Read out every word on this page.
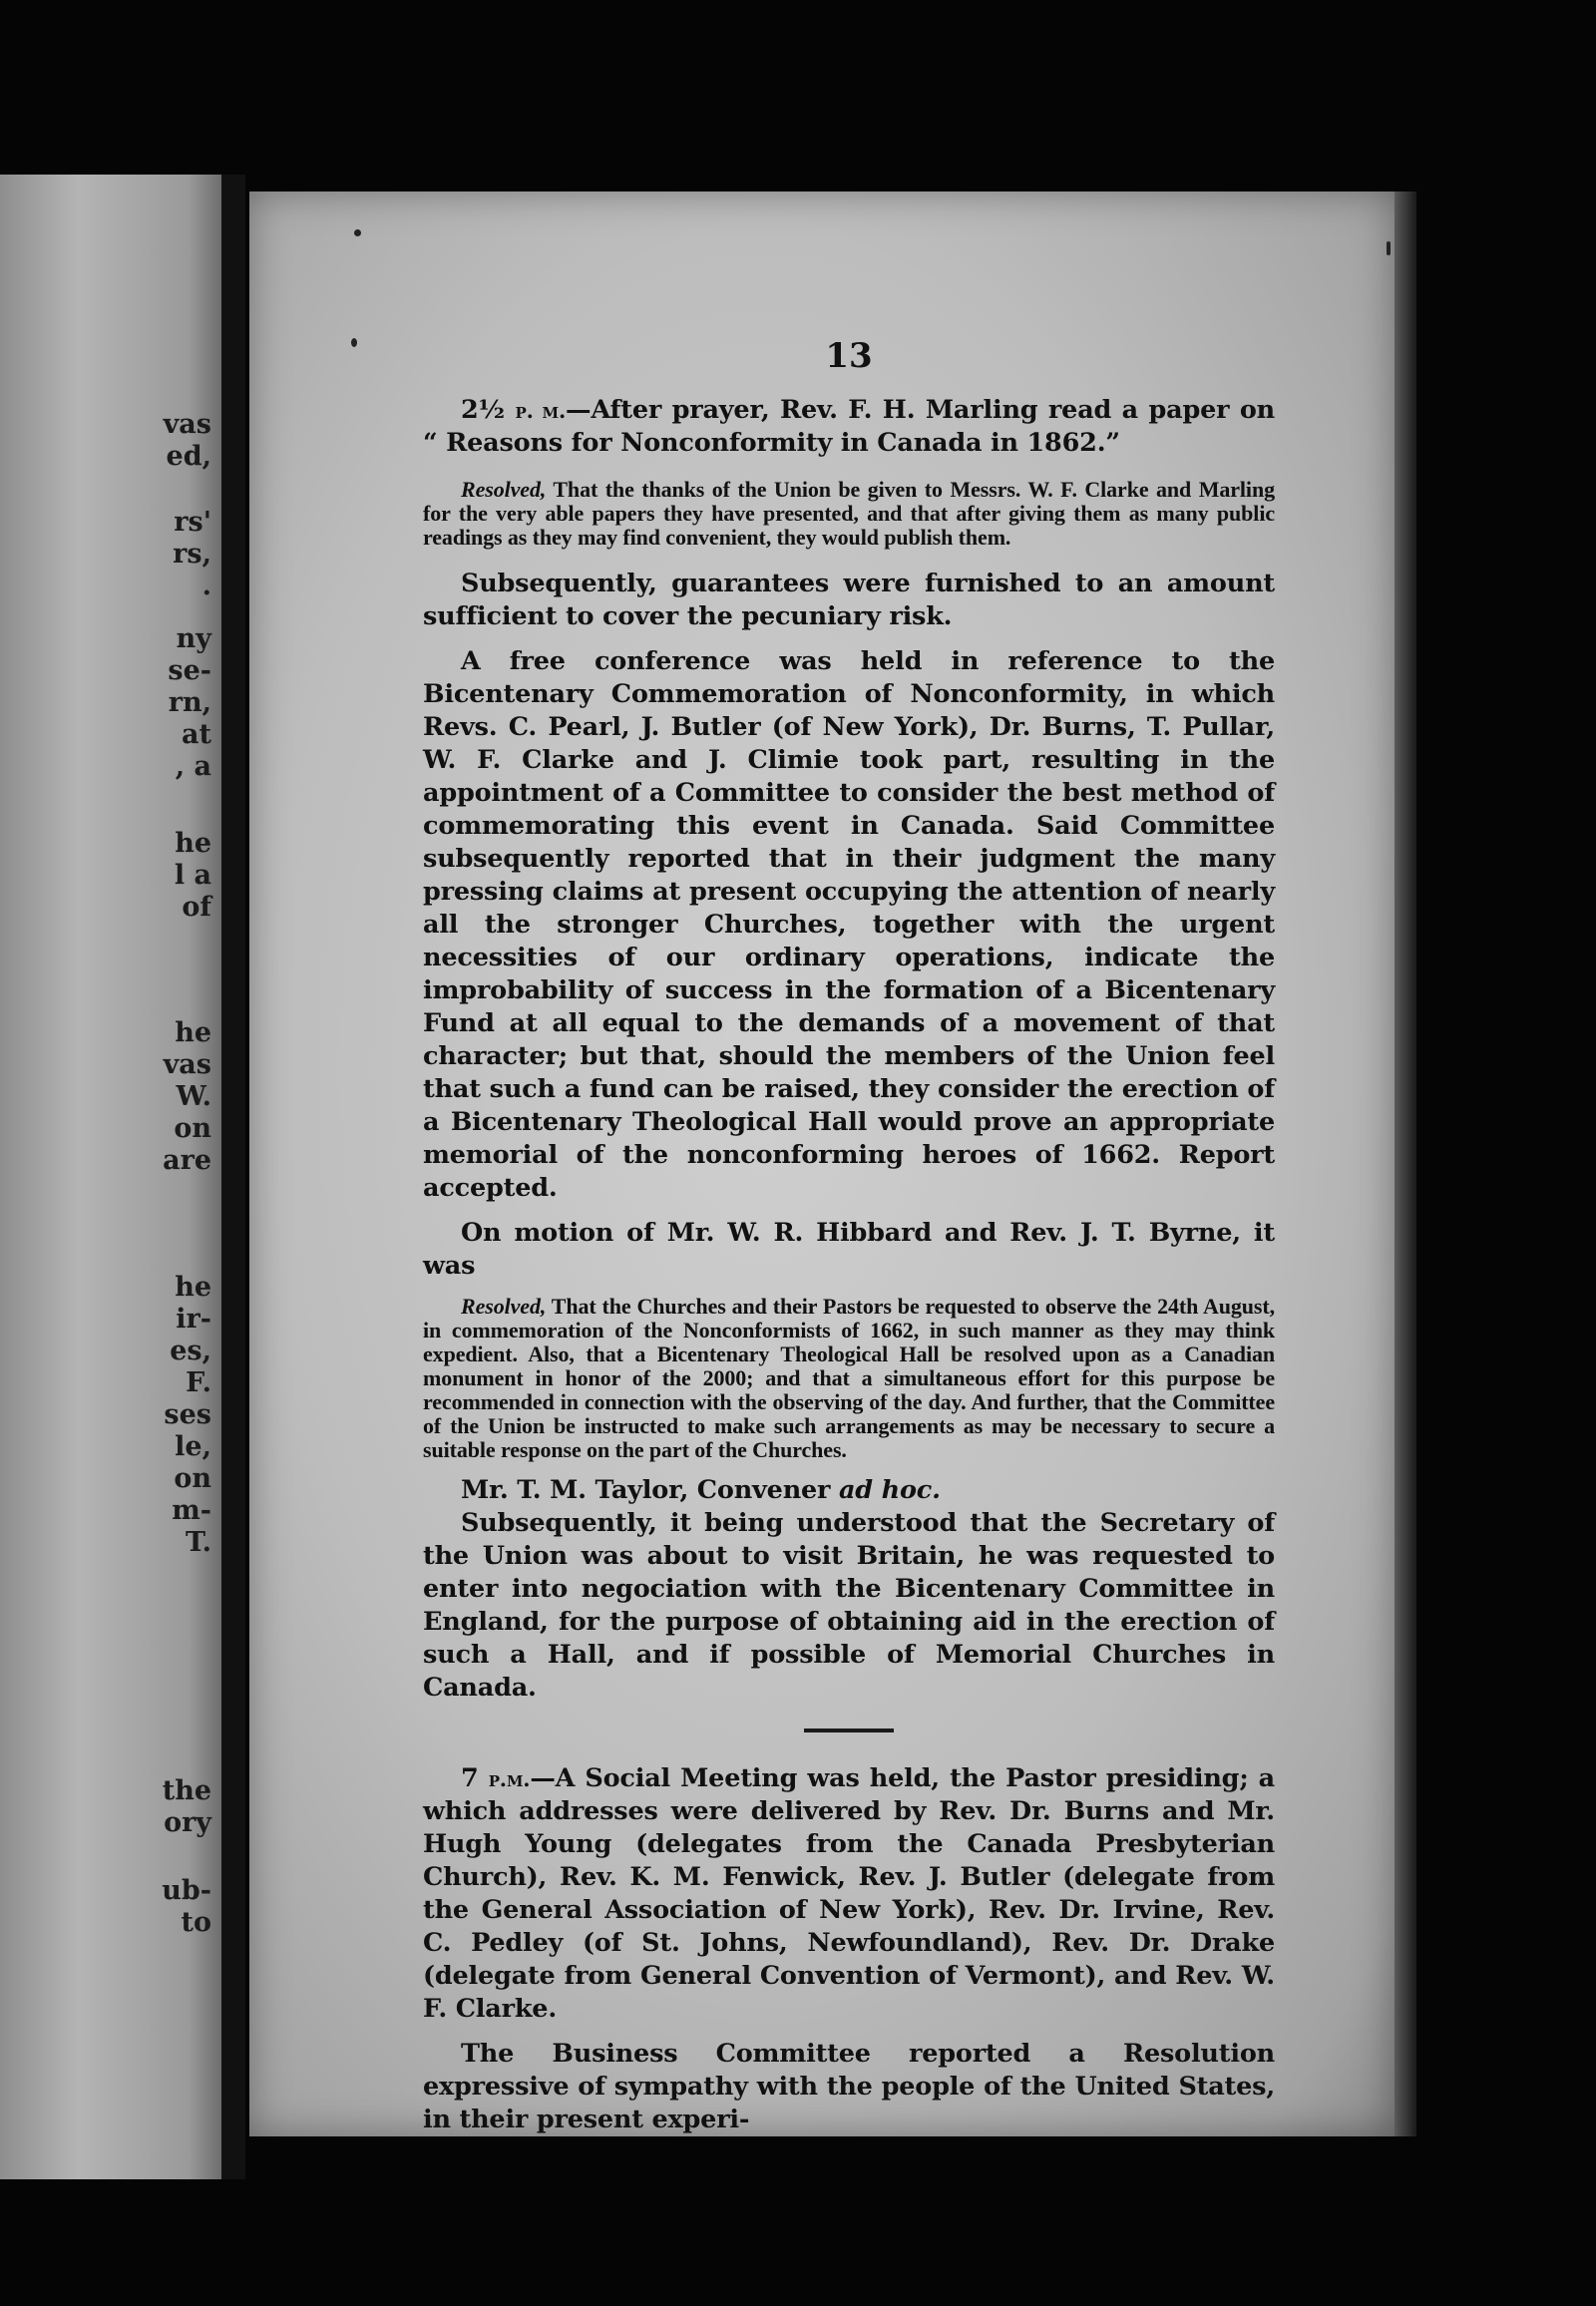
vas
ed,
rs'
rs,
.
ny
se-
rn,
at
, a
he
l a
of
he
vas
W.
on
are
he
ir-
es,
F.
ses
le,
on
m-
T.
the
ory
ub-
to
13

2½ p. m.—After prayer, Rev. F. H. Marling read a paper on “ Reasons for Nonconformity in Canada in 1862.”

Resolved, That the thanks of the Union be given to Messrs. W. F. Clarke and Marling for the very able papers they have presented, and that after giving them as many public readings as they may find convenient, they would publish them.

Subsequently, guarantees were furnished to an amount sufficient to cover the pecuniary risk.

A free conference was held in reference to the Bicentenary Commemoration of Nonconformity, in which Revs. C. Pearl, J. Butler (of New York), Dr. Burns, T. Pullar, W. F. Clarke and J. Climie took part, resulting in the appointment of a Committee to consider the best method of commemorating this event in Canada. Said Committee subsequently reported that in their judgment the many pressing claims at present occupying the attention of nearly all the stronger Churches, together with the urgent necessities of our ordinary operations, indicate the improbability of success in the formation of a Bicentenary Fund at all equal to the demands of a movement of that character; but that, should the members of the Union feel that such a fund can be raised, they consider the erection of a Bicentenary Theological Hall would prove an appropriate memorial of the nonconforming heroes of 1662. Report accepted.

On motion of Mr. W. R. Hibbard and Rev. J. T. Byrne, it was

Resolved, That the Churches and their Pastors be requested to observe the 24th August, in commemoration of the Nonconformists of 1662, in such manner as they may think expedient. Also, that a Bicentenary Theological Hall be resolved upon as a Canadian monument in honor of the 2000; and that a simultaneous effort for this purpose be recommended in connection with the observing of the day. And further, that the Committee of the Union be instructed to make such arrangements as may be necessary to secure a suitable response on the part of the Churches.

Mr. T. M. Taylor, Convener ad hoc.

Subsequently, it being understood that the Secretary of the Union was about to visit Britain, he was requested to enter into negociation with the Bicentenary Committee in England, for the purpose of obtaining aid in the erection of such a Hall, and if possible of Memorial Churches in Canada.

7 p.m.—A Social Meeting was held, the Pastor presiding; a which addresses were delivered by Rev. Dr. Burns and Mr. Hugh Young (delegates from the Canada Presbyterian Church), Rev. K. M. Fenwick, Rev. J. Butler (delegate from the General Association of New York), Rev. Dr. Irvine, Rev. C. Pedley (of St. Johns, Newfoundland), Rev. Dr. Drake (delegate from General Convention of Vermont), and Rev. W. F. Clarke.

The Business Committee reported a Resolution expressive of sympathy with the people of the United States, in their present experi-
